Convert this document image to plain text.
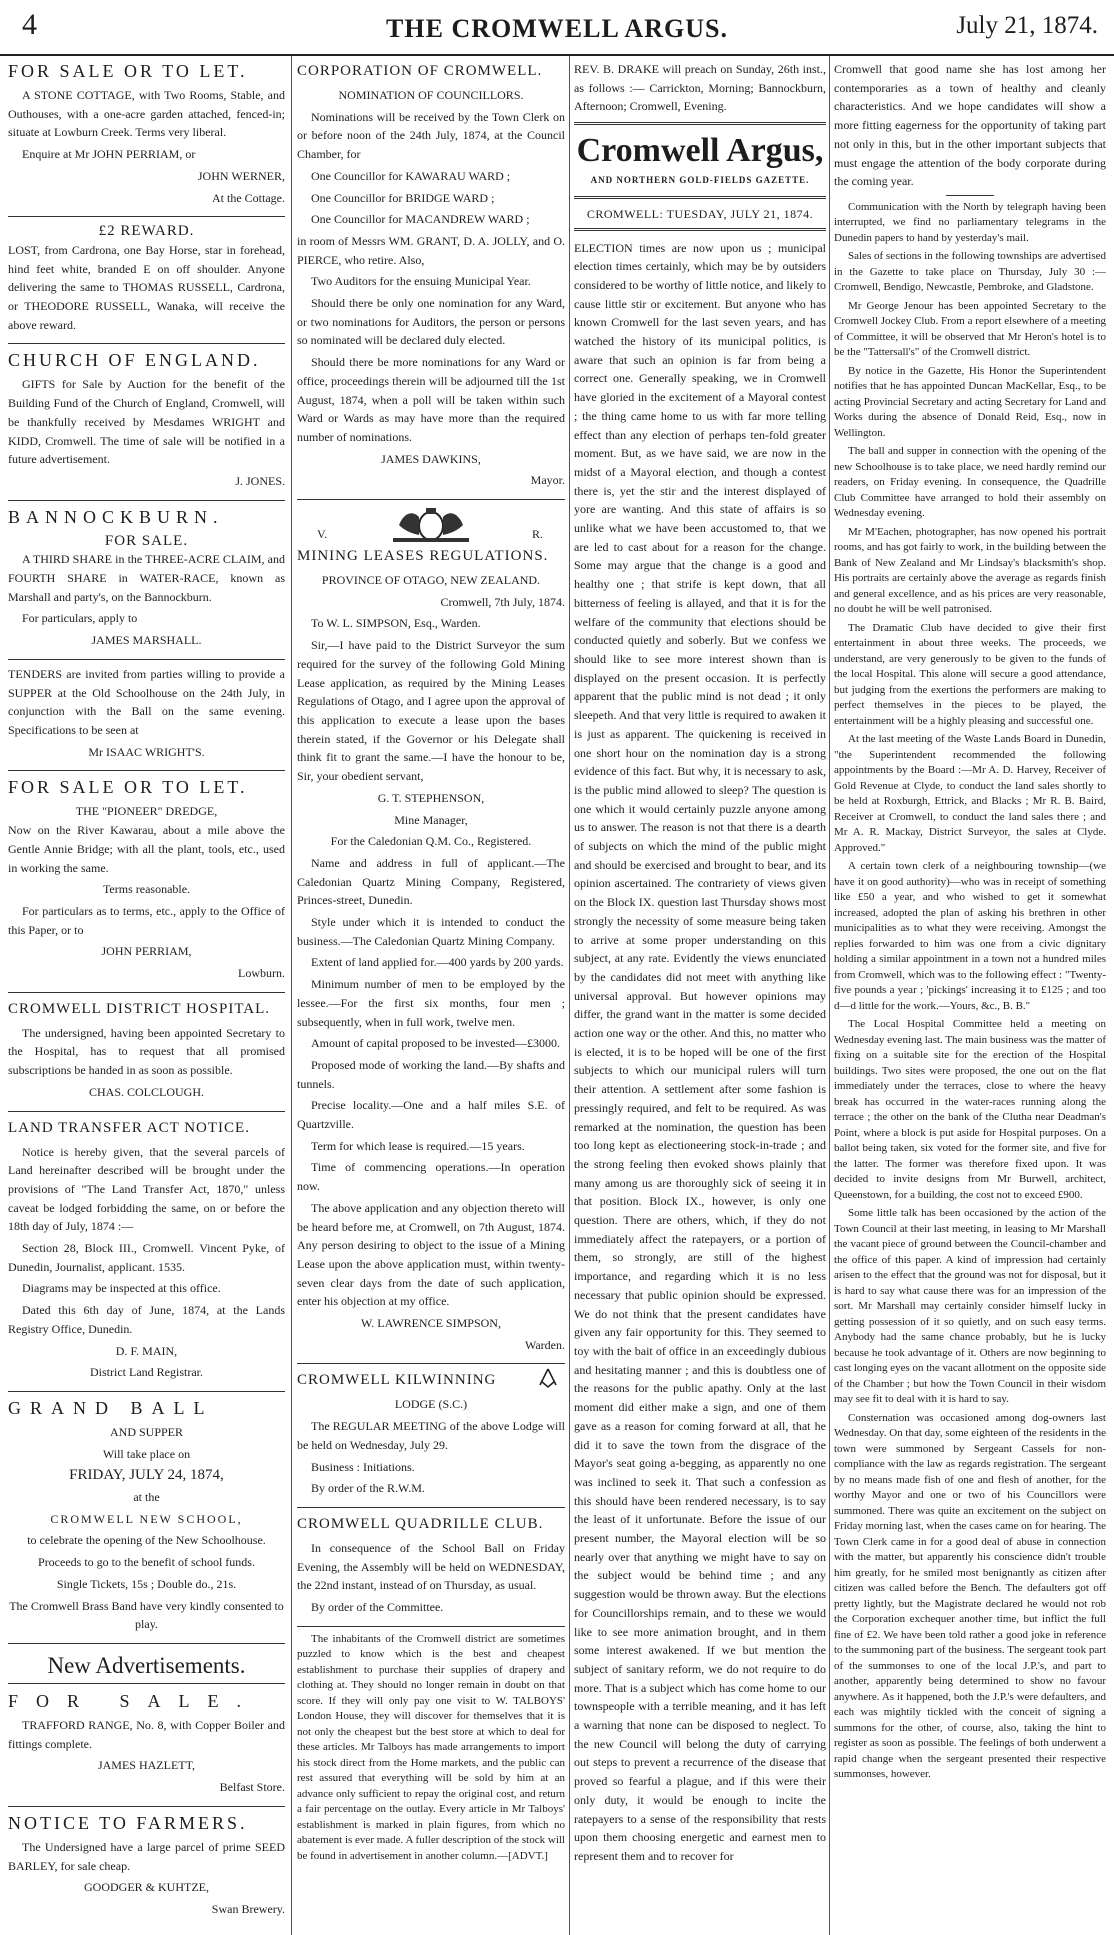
4	THE CROMWELL ARGUS.	July 21, 1874.
FOR SALE OR TO LET.

A STONE COTTAGE, with Two Rooms, Stable, and Outhouses, with a one-acre garden attached, fenced-in; situate at Lowburn Creek. Terms very liberal.

Enquire at Mr JOHN PERRIAM, or

JOHN WERNER,

At the Cottage.

£2 REWARD.

LOST, from Cardrona, one Bay Horse, star in forehead, hind feet white, branded E on off shoulder. Anyone delivering the same to THOMAS RUSSELL, Cardrona, or THEODORE RUSSELL, Wanaka, will receive the above reward.

CHURCH OF ENGLAND.

GIFTS for Sale by Auction for the benefit of the Building Fund of the Church of England, Cromwell, will be thankfully received by Mesdames WRIGHT and KIDD, Cromwell. The time of sale will be notified in a future advertisement.

J. JONES.

BANNOCKBURN.
FOR SALE.

A THIRD SHARE in the THREE-ACRE CLAIM, and FOURTH SHARE in WATER-RACE, known as Marshall and party's, on the Bannockburn.

For particulars, apply to

JAMES MARSHALL.

TENDERS are invited from parties willing to provide a SUPPER at the Old Schoolhouse on the 24th July, in conjunction with the Ball on the same evening. Specifications to be seen at

Mr ISAAC WRIGHT'S.

FOR SALE OR TO LET.
THE "PIONEER" DREDGE,

Now on the River Kawarau, about a mile above the Gentle Annie Bridge; with all the plant, tools, etc., used in working the same.

Terms reasonable.

For particulars as to terms, etc., apply to the Office of this Paper, or to

JOHN PERRIAM,

Lowburn.

CROMWELL DISTRICT HOSPITAL.

The undersigned, having been appointed Secretary to the Hospital, has to request that all promised subscriptions be handed in as soon as possible.

CHAS. COLCLOUGH.

LAND TRANSFER ACT NOTICE.

Notice is hereby given, that the several parcels of Land hereinafter described will be brought under the provisions of "The Land Transfer Act, 1870," unless caveat be lodged forbidding the same, on or before the 18th day of July, 1874 :—

Section 28, Block III., Cromwell. Vincent Pyke, of Dunedin, Journalist, applicant. 1535.

Diagrams may be inspected at this office.

Dated this 6th day of June, 1874, at the Lands Registry Office, Dunedin.

D. F. MAIN,

District Land Registrar.

GRAND BALL

AND SUPPER

Will take place on

FRIDAY, JULY 24, 1874,

at the

CROMWELL NEW SCHOOL,

to celebrate the opening of the New Schoolhouse.

Proceeds to go to the benefit of school funds.

Single Tickets, 15s ; Double do., 21s.

The Cromwell Brass Band have very kindly consented to play.

New Advertisements.
FOR SALE.

TRAFFORD RANGE, No. 8, with Copper Boiler and fittings complete.

JAMES HAZLETT,

Belfast Store.

NOTICE TO FARMERS.

The Undersigned have a large parcel of prime SEED BARLEY, for sale cheap.

GOODGER & KUHTZE,

Swan Brewery.

CORPORATION OF CROMWELL.

NOMINATION OF COUNCILLORS.

Nominations will be received by the Town Clerk on or before noon of the 24th July, 1874, at the Council Chamber, for

One Councillor for KAWARAU WARD ;

One Councillor for BRIDGE WARD ;

One Councillor for MACANDREW WARD ;

in room of Messrs WM. GRANT, D. A. JOLLY, and O. PIERCE, who retire. Also,

Two Auditors for the ensuing Municipal Year.

Should there be only one nomination for any Ward, or two nominations for Auditors, the person or persons so nominated will be declared duly elected.

Should there be more nominations for any Ward or office, proceedings therein will be adjourned till the 1st August, 1874, when a poll will be taken within such Ward or Wards as may have more than the required number of nominations.

JAMES DAWKINS,

Mayor.

V.	R.
MINING LEASES REGULATIONS.

PROVINCE OF OTAGO, NEW ZEALAND.

Cromwell, 7th July, 1874.

To W. L. SIMPSON, Esq., Warden.

Sir,—I have paid to the District Surveyor the sum required for the survey of the following Gold Mining Lease application, as required by the Mining Leases Regulations of Otago, and I agree upon the approval of this application to execute a lease upon the bases therein stated, if the Governor or his Delegate shall think fit to grant the same.—I have the honour to be, Sir, your obedient servant,

G. T. STEPHENSON,

Mine Manager,

For the Caledonian Q.M. Co., Registered.

Name and address in full of applicant.—The Caledonian Quartz Mining Company, Registered, Princes-street, Dunedin.

Style under which it is intended to conduct the business.—The Caledonian Quartz Mining Company.

Extent of land applied for.—400 yards by 200 yards.

Minimum number of men to be employed by the lessee.—For the first six months, four men ; subsequently, when in full work, twelve men.

Amount of capital proposed to be invested—£3000.

Proposed mode of working the land.—By shafts and tunnels.

Precise locality.—One and a half miles S.E. of Quartzville.

Term for which lease is required.—15 years.

Time of commencing operations.—In operation now.

The above application and any objection thereto will be heard before me, at Cromwell, on 7th August, 1874. Any person desiring to object to the issue of a Mining Lease upon the above application must, within twenty-seven clear days from the date of such application, enter his objection at my office.

W. LAWRENCE SIMPSON,

Warden.

CROMWELL KILWINNING

LODGE (S.C.)

The REGULAR MEETING of the above Lodge will be held on Wednesday, July 29.

Business : Initiations.

By order of the R.W.M.

CROMWELL QUADRILLE CLUB.

In consequence of the School Ball on Friday Evening, the Assembly will be held on WEDNESDAY, the 22nd instant, instead of on Thursday, as usual.

By order of the Committee.

The inhabitants of the Cromwell district are sometimes puzzled to know which is the best and cheapest establishment to purchase their supplies of drapery and clothing at. They should no longer remain in doubt on that score. If they will only pay one visit to W. TALBOYS' London House, they will discover for themselves that it is not only the cheapest but the best store at which to deal for these articles. Mr Talboys has made arrangements to import his stock direct from the Home markets, and the public can rest assured that everything will be sold by him at an advance only sufficient to repay the original cost, and return a fair percentage on the outlay. Every article in Mr Talboys' establishment is marked in plain figures, from which no abatement is ever made. A fuller description of the stock will be found in advertisement in another column.—[ADVT.]

REV. B. DRAKE will preach on Sunday, 26th inst., as follows :— Carrickton, Morning; Bannockburn, Afternoon; Cromwell, Evening.

Cromwell Argus,
AND NORTHERN GOLD-FIELDS GAZETTE.
CROMWELL: TUESDAY, JULY 21, 1874.

ELECTION times are now upon us ; municipal election times certainly, which may be by outsiders considered to be worthy of little notice, and likely to cause little stir or excitement. But anyone who has known Cromwell for the last seven years, and has watched the history of its municipal politics, is aware that such an opinion is far from being a correct one. Generally speaking, we in Cromwell have gloried in the excitement of a Mayoral contest ; the thing came home to us with far more telling effect than any election of perhaps ten-fold greater moment. But, as we have said, we are now in the midst of a Mayoral election, and though a contest there is, yet the stir and the interest displayed of yore are wanting. And this state of affairs is so unlike what we have been accustomed to, that we are led to cast about for a reason for the change. Some may argue that the change is a good and healthy one ; that strife is kept down, that all bitterness of feeling is allayed, and that it is for the welfare of the community that elections should be conducted quietly and soberly. But we confess we should like to see more interest shown than is displayed on the present occasion. It is perfectly apparent that the public mind is not dead ; it only sleepeth. And that very little is required to awaken it is just as apparent. The quickening is received in one short hour on the nomination day is a strong evidence of this fact. But why, it is necessary to ask, is the public mind allowed to sleep? The question is one which it would certainly puzzle anyone among us to answer. The reason is not that there is a dearth of subjects on which the mind of the public might and should be exercised and brought to bear, and its opinion ascertained. The contrariety of views given on the Block IX. question last Thursday shows most strongly the necessity of some measure being taken to arrive at some proper understanding on this subject, at any rate. Evidently the views enunciated by the candidates did not meet with anything like universal approval. But however opinions may differ, the grand want in the matter is some decided action one way or the other. And this, no matter who is elected, it is to be hoped will be one of the first subjects to which our municipal rulers will turn their attention. A settlement after some fashion is pressingly required, and felt to be required. As was remarked at the nomination, the question has been too long kept as electioneering stock-in-trade ; and the strong feeling then evoked shows plainly that many among us are thoroughly sick of seeing it in that position. Block IX., however, is only one question. There are others, which, if they do not immediately affect the ratepayers, or a portion of them, so strongly, are still of the highest importance, and regarding which it is no less necessary that public opinion should be expressed. We do not think that the present candidates have given any fair opportunity for this. They seemed to toy with the bait of office in an exceedingly dubious and hesitating manner ; and this is doubtless one of the reasons for the public apathy. Only at the last moment did either make a sign, and one of them gave as a reason for coming forward at all, that he did it to save the town from the disgrace of the Mayor's seat going a-begging, as apparently no one was inclined to seek it. That such a confession as this should have been rendered necessary, is to say the least of it unfortunate. Before the issue of our present number, the Mayoral election will be so nearly over that anything we might have to say on the subject would be behind time ; and any suggestion would be thrown away. But the elections for Councillorships remain, and to these we would like to see more animation brought, and in them some interest awakened. If we but mention the subject of sanitary reform, we do not require to do more. That is a subject which has come home to our townspeople with a terrible meaning, and it has left a warning that none can be disposed to neglect. To the new Council will belong the duty of carrying out steps to prevent a recurrence of the disease that proved so fearful a plague, and if this were their only duty, it would be enough to incite the ratepayers to a sense of the responsibility that rests upon them choosing energetic and earnest men to represent them and to recover for

Cromwell that good name she has lost among her contemporaries as a town of healthy and cleanly characteristics. And we hope candidates will show a more fitting eagerness for the opportunity of taking part not only in this, but in the other important subjects that must engage the attention of the body corporate during the coming year.

Communication with the North by telegraph having been interrupted, we find no parliamentary telegrams in the Dunedin papers to hand by yesterday's mail.

Sales of sections in the following townships are advertised in the Gazette to take place on Thursday, July 30 :—Cromwell, Bendigo, Newcastle, Pembroke, and Gladstone.

Mr George Jenour has been appointed Secretary to the Cromwell Jockey Club. From a report elsewhere of a meeting of Committee, it will be observed that Mr Heron's hotel is to be the "Tattersall's" of the Cromwell district.

By notice in the Gazette, His Honor the Superintendent notifies that he has appointed Duncan MacKellar, Esq., to be acting Provincial Secretary and acting Secretary for Land and Works during the absence of Donald Reid, Esq., now in Wellington.

The ball and supper in connection with the opening of the new Schoolhouse is to take place, we need hardly remind our readers, on Friday evening. In consequence, the Quadrille Club Committee have arranged to hold their assembly on Wednesday evening.

Mr M'Eachen, photographer, has now opened his portrait rooms, and has got fairly to work, in the building between the Bank of New Zealand and Mr Lindsay's blacksmith's shop. His portraits are certainly above the average as regards finish and general excellence, and as his prices are very reasonable, no doubt he will be well patronised.

The Dramatic Club have decided to give their first entertainment in about three weeks. The proceeds, we understand, are very generously to be given to the funds of the local Hospital. This alone will secure a good attendance, but judging from the exertions the performers are making to perfect themselves in the pieces to be played, the entertainment will be a highly pleasing and successful one.

At the last meeting of the Waste Lands Board in Dunedin, "the Superintendent recommended the following appointments by the Board :—Mr A. D. Harvey, Receiver of Gold Revenue at Clyde, to conduct the land sales shortly to be held at Roxburgh, Ettrick, and Blacks ; Mr R. B. Baird, Receiver at Cromwell, to conduct the land sales there ; and Mr A. R. Mackay, District Surveyor, the sales at Clyde. Approved."

A certain town clerk of a neighbouring township—(we have it on good authority)—who was in receipt of something like £50 a year, and who wished to get it somewhat increased, adopted the plan of asking his brethren in other municipalities as to what they were receiving. Amongst the replies forwarded to him was one from a civic dignitary holding a similar appointment in a town not a hundred miles from Cromwell, which was to the following effect : "Twenty-five pounds a year ; 'pickings' increasing it to £125 ; and too d—d little for the work.—Yours, &c., B. B."

The Local Hospital Committee held a meeting on Wednesday evening last. The main business was the matter of fixing on a suitable site for the erection of the Hospital buildings. Two sites were proposed, the one out on the flat immediately under the terraces, close to where the heavy break has occurred in the water-races running along the terrace ; the other on the bank of the Clutha near Deadman's Point, where a block is put aside for Hospital purposes. On a ballot being taken, six voted for the former site, and five for the latter. The former was therefore fixed upon. It was decided to invite designs from Mr Burwell, architect, Queenstown, for a building, the cost not to exceed £900.

Some little talk has been occasioned by the action of the Town Council at their last meeting, in leasing to Mr Marshall the vacant piece of ground between the Council-chamber and the office of this paper. A kind of impression had certainly arisen to the effect that the ground was not for disposal, but it is hard to say what cause there was for an impression of the sort. Mr Marshall may certainly consider himself lucky in getting possession of it so quietly, and on such easy terms. Anybody had the same chance probably, but he is lucky because he took advantage of it. Others are now beginning to cast longing eyes on the vacant allotment on the opposite side of the Chamber ; but how the Town Council in their wisdom may see fit to deal with it is hard to say.

Consternation was occasioned among dog-owners last Wednesday. On that day, some eighteen of the residents in the town were summoned by Sergeant Cassels for non-compliance with the law as regards registration. The sergeant by no means made fish of one and flesh of another, for the worthy Mayor and one or two of his Councillors were summoned. There was quite an excitement on the subject on Friday morning last, when the cases came on for hearing. The Town Clerk came in for a good deal of abuse in connection with the matter, but apparently his conscience didn't trouble him greatly, for he smiled most benignantly as citizen after citizen was called before the Bench. The defaulters got off pretty lightly, but the Magistrate declared he would not rob the Corporation exchequer another time, but inflict the full fine of £2. We have been told rather a good joke in reference to the summoning part of the business. The sergeant took part of the summonses to one of the local J.P.'s, and part to another, apparently being determined to show no favour anywhere. As it happened, both the J.P.'s were defaulters, and each was mightily tickled with the conceit of signing a summons for the other, of course, also, taking the hint to register as soon as possible. The feelings of both underwent a rapid change when the sergeant presented their respective summonses, however.
